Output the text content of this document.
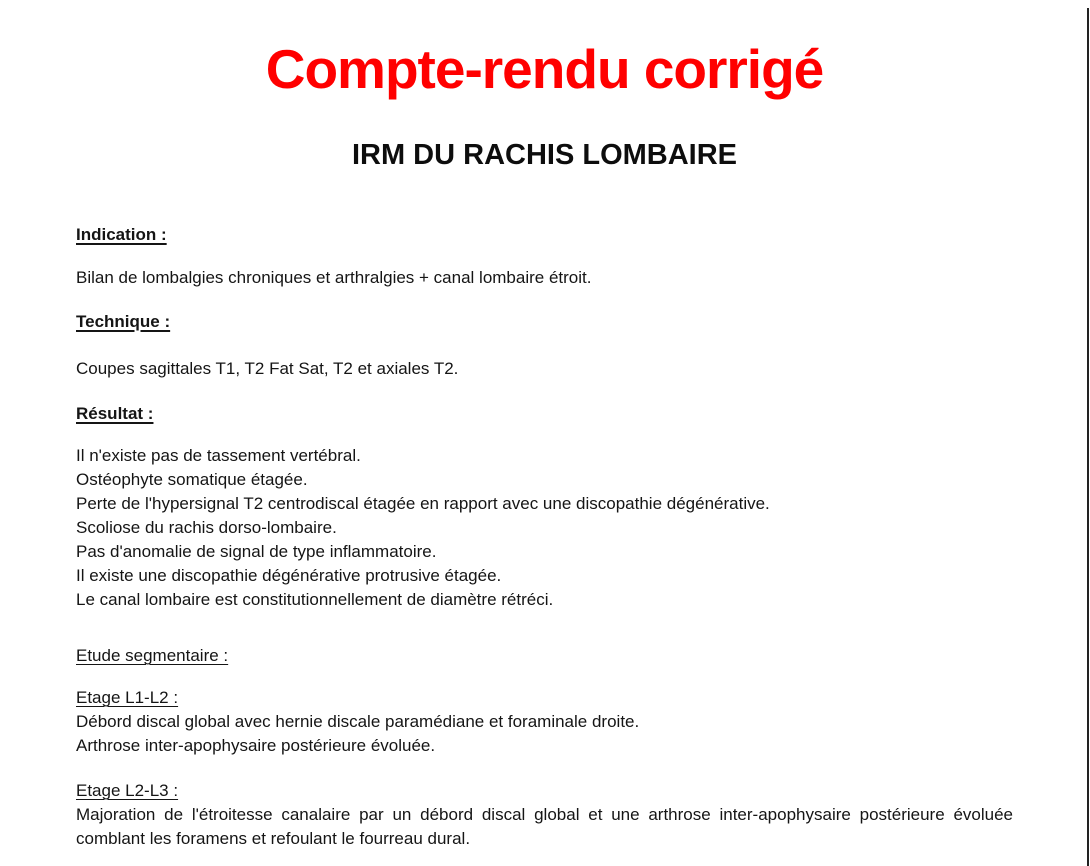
Compte-rendu corrigé
IRM DU RACHIS LOMBAIRE
Indication :
Bilan de lombalgies chroniques et arthralgies + canal lombaire étroit.
Technique :
Coupes sagittales T1, T2 Fat Sat, T2 et axiales T2.
Résultat :
Il n'existe pas de tassement vertébral.
Ostéophyte somatique étagée.
Perte de l'hypersignal T2 centrodiscal étagée en rapport avec une discopathie dégénérative.
Scoliose du rachis dorso-lombaire.
Pas d'anomalie de signal de type inflammatoire.
Il existe une discopathie dégénérative protrusive étagée.
Le canal lombaire est constitutionnellement de diamètre rétréci.
Etude segmentaire :
Etage L1-L2 :
Débord discal global avec hernie discale paramédiane et foraminale droite.
Arthrose inter-apophysaire postérieure évoluée.
Etage L2-L3 :
Majoration de l'étroitesse canalaire par un débord discal global et une arthrose inter-apophysaire postérieure évoluée comblant les foramens et refoulant le fourreau dural.
